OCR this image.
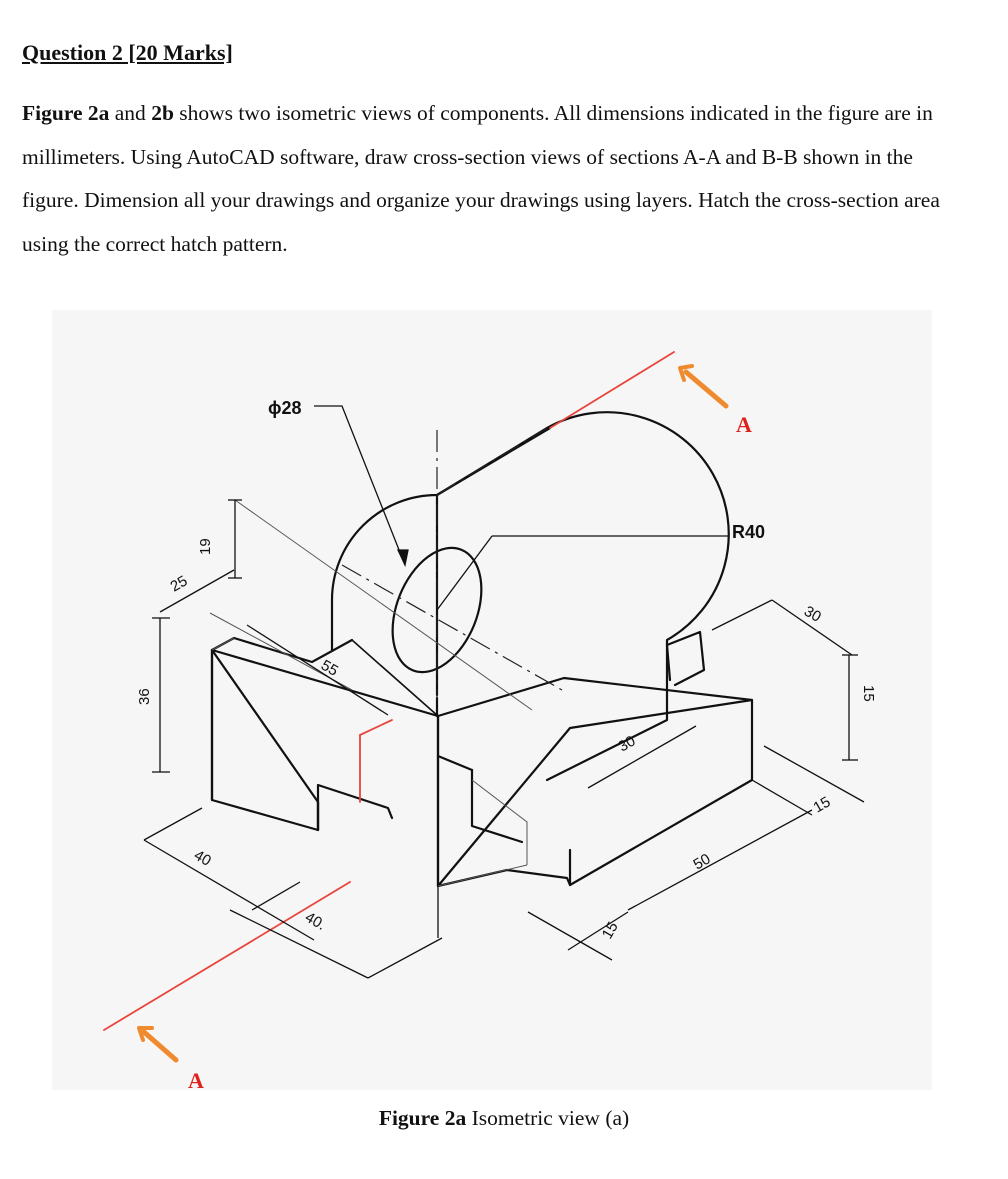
Question 2 [20 Marks]

Figure 2a and 2b shows two isometric views of components. All dimensions indicated in the figure are in millimeters. Using AutoCAD software, draw cross-section views of sections A-A and B-B shown in the figure. Dimension all your drawings and organize your drawings using layers. Hatch the cross-section area using the correct hatch pattern.

ϕ28
R40
19
25
36
55
40
40.
30
30
15
15
50
15
A
A

Figure 2a Isometric view (a)
